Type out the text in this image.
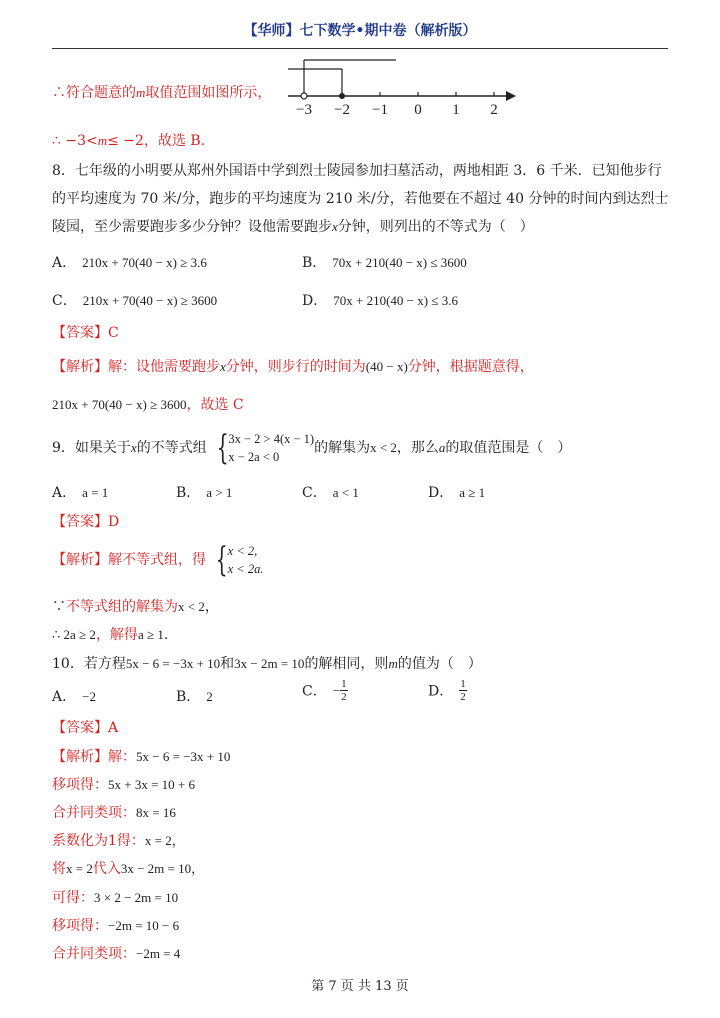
【华师】七下数学•期中卷（解析版）
∴符合题意的m取值范围如图所示，
−3 −2 −1 0 1 2
∴ −3<m≤ −2，故选 B.
8．七年级的小明要从郑州外国语中学到烈士陵园参加扫墓活动，两地相距 3．6 千米．已知他步行
的平均速度为 70 米/分，跑步的平均速度为 210 米/分，若他要在不超过 40 分钟的时间内到达烈士
陵园，至少需要跑步多少分钟？设他需要跑步x分钟，则列出的不等式为（　）
A． 210x + 70(40 − x) ≥ 3.6	B． 70x + 210(40 − x) ≤ 3600
C． 210x + 70(40 − x) ≥ 3600	D． 70x + 210(40 − x) ≤ 3.6
【答案】C
【解析】解：设他需要跑步x分钟，则步行的时间为(40 − x)分钟，根据题意得，
210x + 70(40 − x) ≥ 3600，故选 C
9．如果关于x的不等式组 { 3x − 2 > 4(x − 1)
x − 2a < 0
的解集为x < 2，那么a的取值范围是（　）
A． a = 1	B． a > 1	C． a < 1	D． a ≥ 1
【答案】D
【解析】解不等式组，得 { x < 2,
x < 2a.
∵不等式组的解集为x < 2，
∴ 2a ≥ 2，解得a ≥ 1.
10．若方程5x − 6 = −3x + 10和3x − 2m = 10的解相同，则m的值为（　）
A． −2	B． 2	C． − $\frac{1}{2}$	D． $\frac{1}{2}$
【答案】A
【解析】解：5x − 6 = −3x + 10
移项得：5x + 3x = 10 + 6
合并同类项：8x = 16
系数化为1得：x = 2，
将x = 2代入3x − 2m = 10，
可得：3 × 2 − 2m = 10
移项得：−2m = 10 − 6
合并同类项：−2m = 4
第 7 页 共 13 页
